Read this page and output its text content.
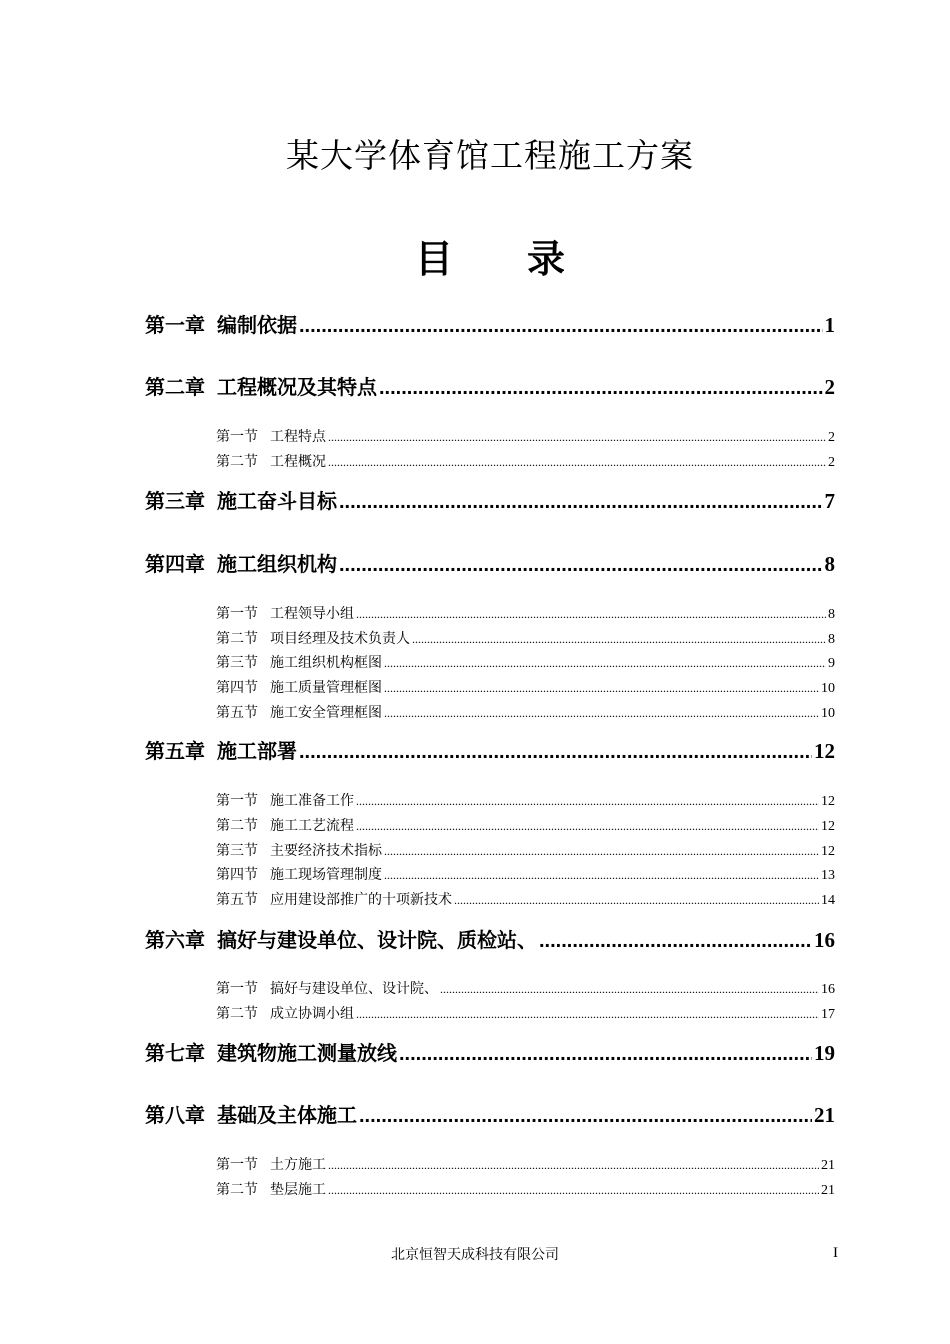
某大学体育馆工程施工方案
目 录
第一章 编制依据 .....	1
第二章 工程概况及其特点 .....	2
第一节 工程特点 .....	2
第二节 工程概况 .....	2
第三章 施工奋斗目标 .....	7
第四章 施工组织机构 .....	8
第一节 工程领导小组 .....	8
第二节 项目经理及技术负责人 .....	8
第三节 施工组织机构框图 .....	9
第四节 施工质量管理框图 .....	10
第五节 施工安全管理框图 .....	10
第五章 施工部署 .....	12
第一节 施工准备工作 .....	12
第二节 施工工艺流程 .....	12
第三节 主要经济技术指标 .....	12
第四节 施工现场管理制度 .....	13
第五节 应用建设部推广的十项新技术 .....	14
第六章 搞好与建设单位、设计院、质检站、 .....	16
第一节 搞好与建设单位、设计院、 .....	16
第二节 成立协调小组 .....	17
第七章 建筑物施工测量放线 .....	19
第八章 基础及主体施工 .....	21
第一节 土方施工 .....	21
第二节 垫层施工 .....	21
北京恒智天成科技有限公司	I
